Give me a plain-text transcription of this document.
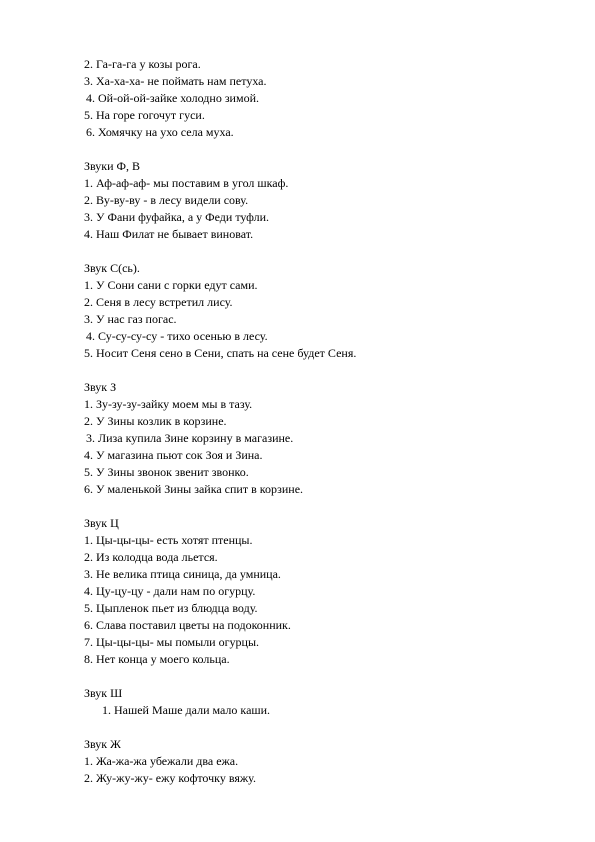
2. Га-га-га у козы рога.
3. Ха-ха-ха- не поймать нам петуха.
4. Ой-ой-ой-зайке холодно зимой.
5. На горе гогочут гуси.
6. Хомячку на ухо села муха.
Звуки Ф, В
1. Аф-аф-аф- мы поставим в угол шкаф.
2. Ву-ву-ву - в лесу видели сову.
3. У Фани фуфайка, а у Феди туфли.
4. Наш Филат не бывает виноват.
Звук С(сь).
1. У Сони сани с горки едут сами.
2. Сеня в лесу встретил лису.
3. У нас газ погас.
4. Су-су-су-су - тихо осенью в лесу.
5. Носит Сеня сено в Сени, спать на сене будет Сеня.
Звук З
1. Зу-зу-зу-зайку моем мы в тазу.
2. У Зины козлик в корзине.
3. Лиза купила Зине корзину в магазине.
4. У магазина пьют сок Зоя и Зина.
5. У Зины звонок звенит звонко.
6. У маленькой Зины зайка спит в корзине.
Звук Ц
1. Цы-цы-цы- есть хотят птенцы.
2. Из колодца вода льется.
3. Не велика птица синица, да умница.
4. Цу-цу-цу - дали нам по огурцу.
5. Цыпленок пьет из блюдца воду.
6. Слава поставил цветы на подоконник.
7. Цы-цы-цы- мы помыли огурцы.
8. Нет конца у моего кольца.
Звук Ш
1. Нашей Маше дали мало каши.
Звук Ж
1. Жа-жа-жа убежали два ежа.
2. Жу-жу-жу- ежу кофточку вяжу.
